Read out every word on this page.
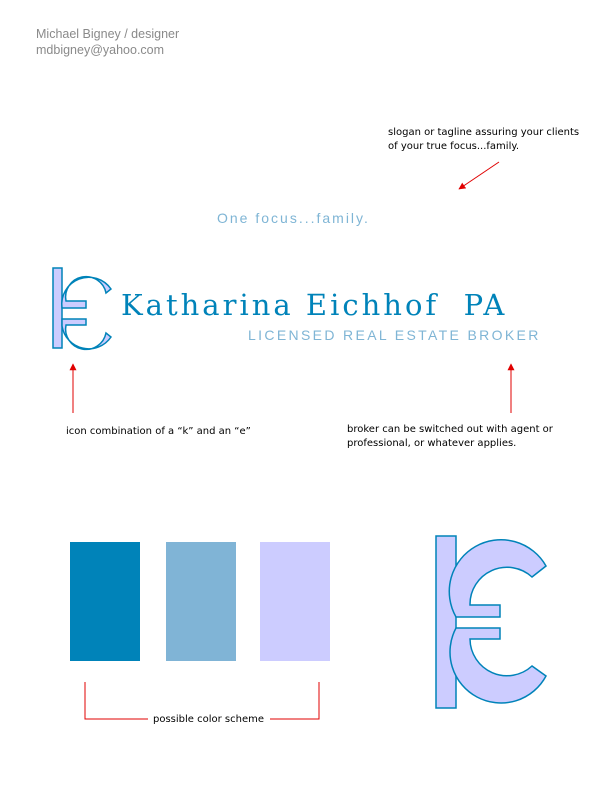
Michael Bigney / designer
mdbigney@yahoo.com
slogan or tagline assuring your clients
of your true focus...family.
One focus...family.
Katharina Eichhof  PA
LICENSED REAL ESTATE BROKER
icon combination of a “k” and an “e”	broker can be switched out with agent or
professional, or whatever applies.
possible color scheme
